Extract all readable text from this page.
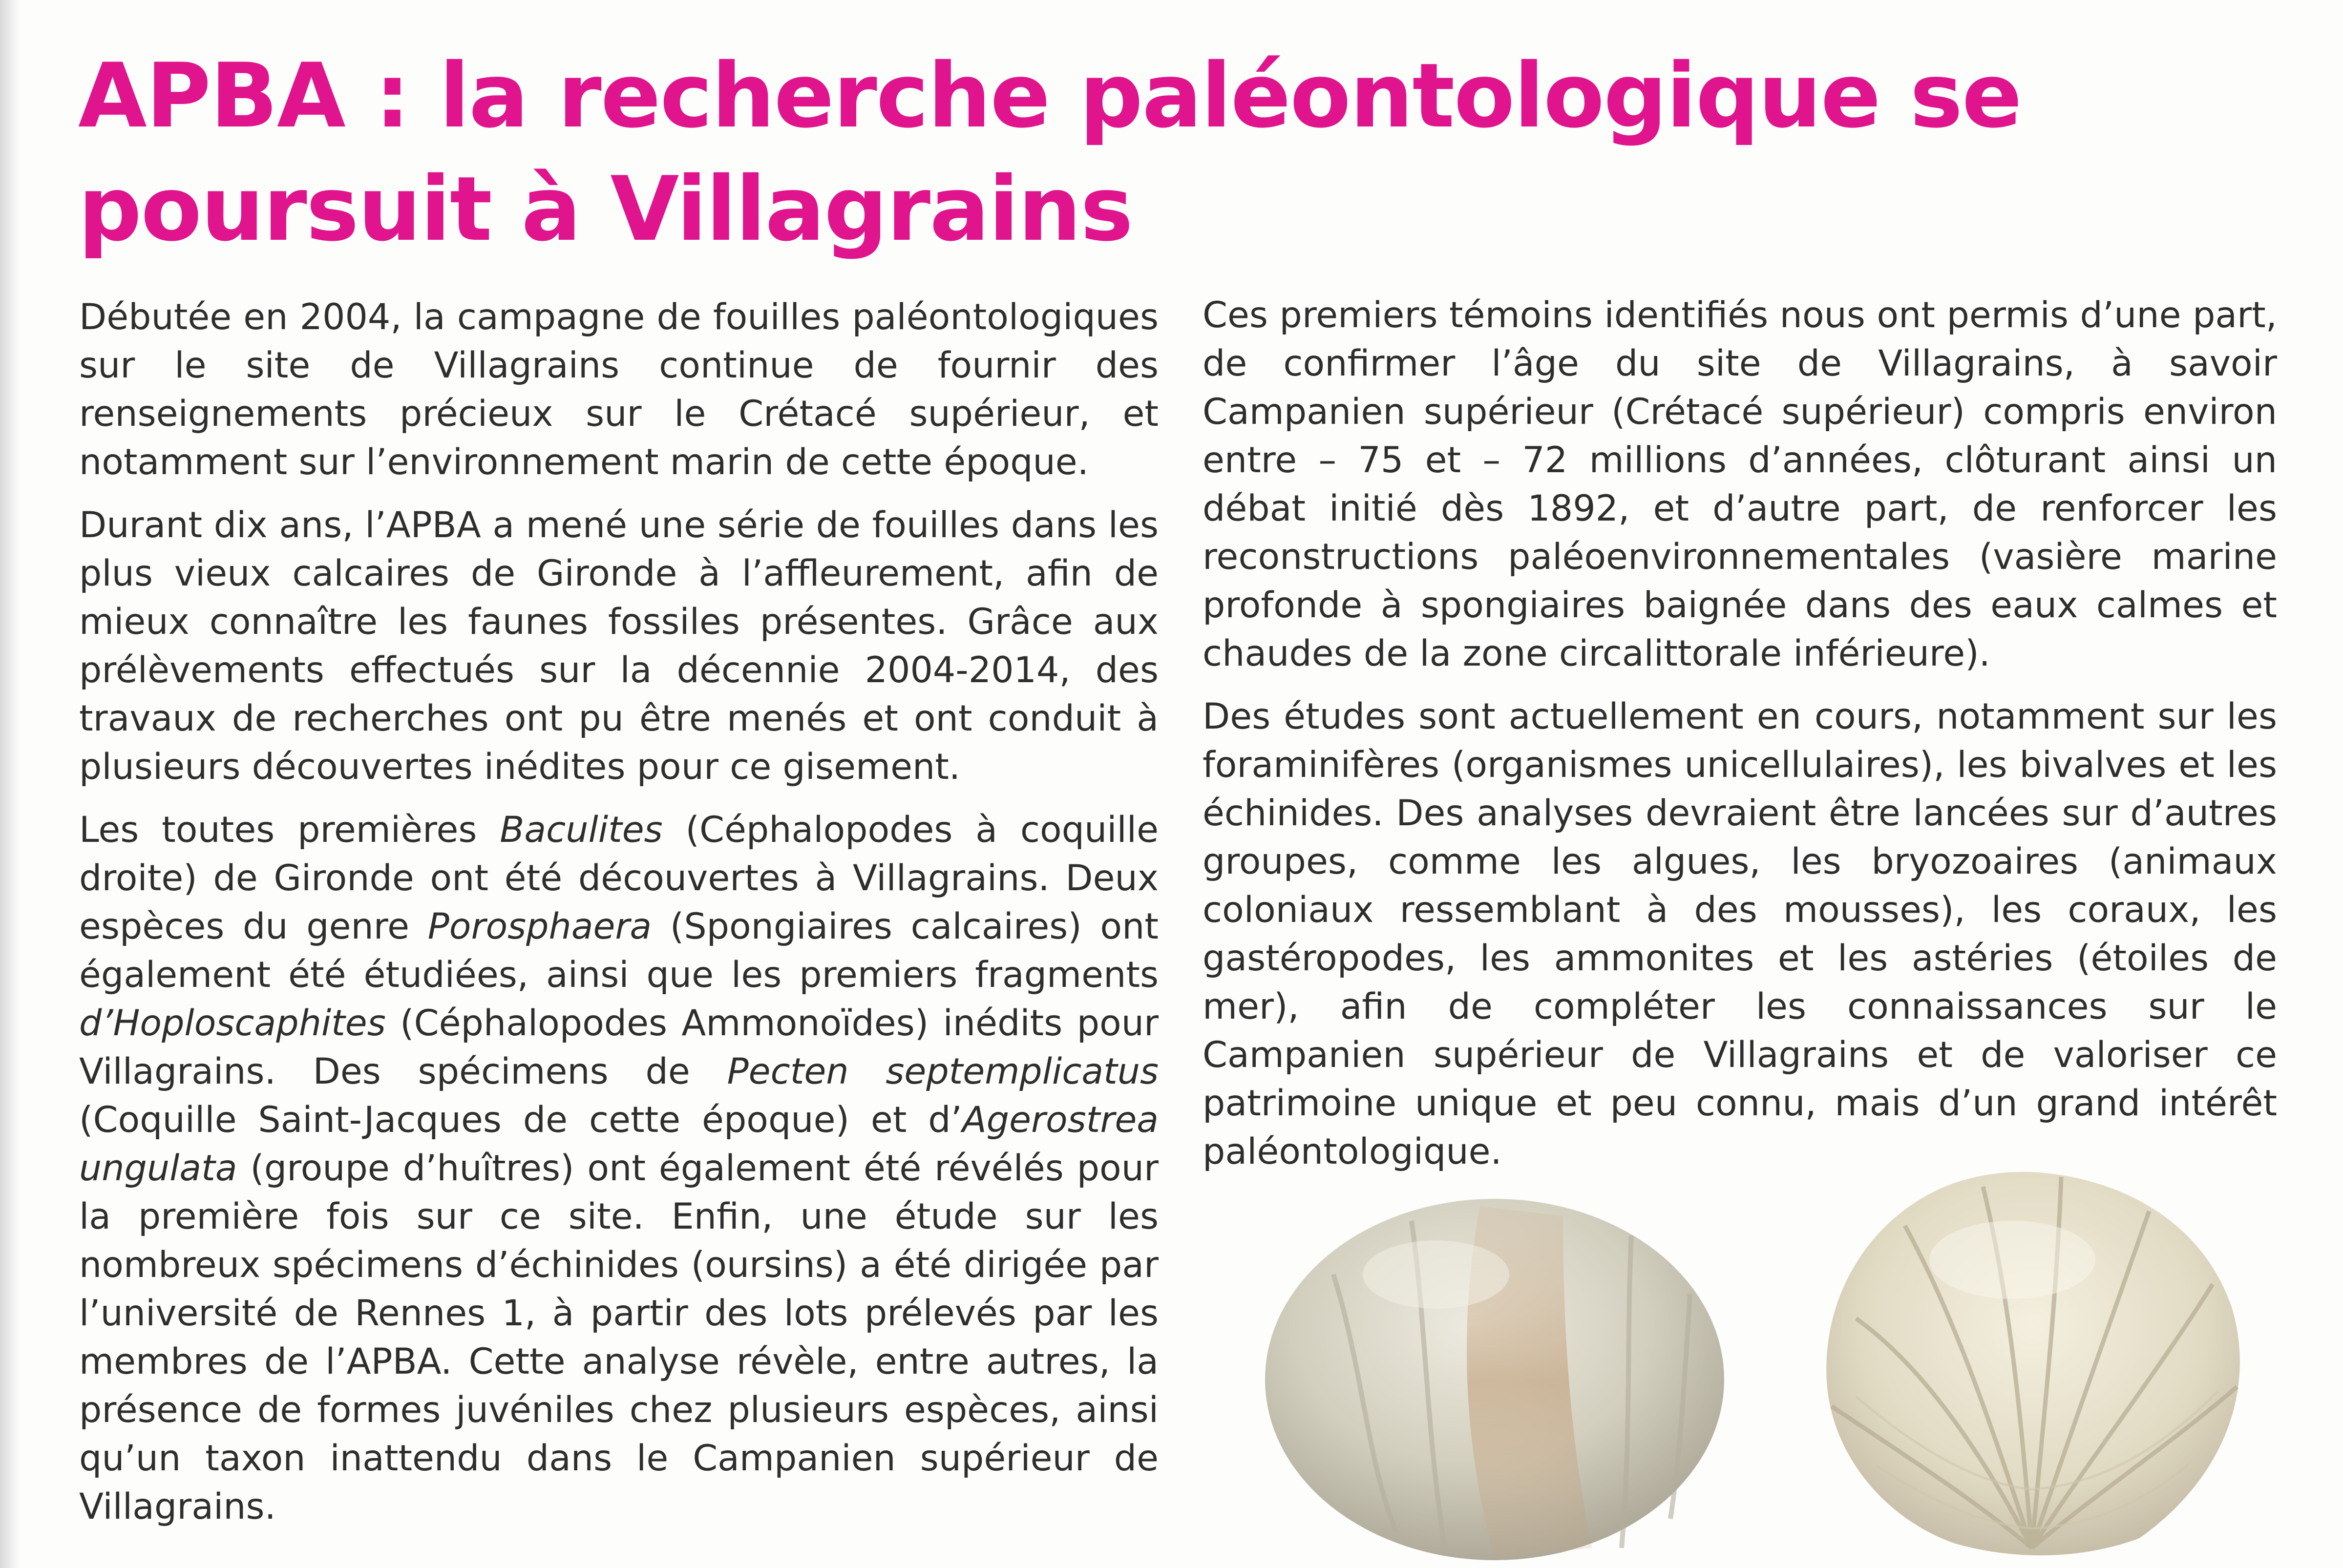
APBA : la recherche paléontologique se poursuit à Villagrains

Débutée en 2004, la campagne de fouilles paléontologiques sur le site de Villagrains continue de fournir des renseignements précieux sur le Crétacé supérieur, et notamment sur l’environnement marin de cette époque.

Durant dix ans, l’APBA a mené une série de fouilles dans les plus vieux calcaires de Gironde à l’affleurement, afin de mieux connaître les faunes fossiles présentes. Grâce aux prélèvements effectués sur la décennie 2004-2014, des travaux de recherches ont pu être menés et ont conduit à plusieurs découvertes inédites pour ce gisement.

Les toutes premières Baculites (Céphalopodes à coquille droite) de Gironde ont été découvertes à Villagrains. Deux espèces du genre Porosphaera (Spongiaires calcaires) ont également été étudiées, ainsi que les premiers fragments d’Hoploscaphites (Céphalopodes Ammonoïdes) inédits pour Villagrains. Des spécimens de Pecten septemplicatus (Coquille Saint-Jacques de cette époque) et d’Agerostrea ungulata (groupe d’huîtres) ont également été révélés pour la première fois sur ce site. Enfin, une étude sur les nombreux spécimens d’échinides (oursins) a été dirigée par l’université de Rennes 1, à partir des lots prélevés par les membres de l’APBA. Cette analyse révèle, entre autres, la présence de formes juvéniles chez plusieurs espèces, ainsi qu’un taxon inattendu dans le Campanien supérieur de Villagrains.

Ces premiers témoins identifiés nous ont permis d’une part, de confirmer l’âge du site de Villagrains, à savoir Campanien supérieur (Crétacé supérieur) compris environ entre – 75 et – 72 millions d’années, clôturant ainsi un débat initié dès 1892, et d’autre part, de renforcer les reconstructions paléoenvironnementales (vasière marine profonde à spongiaires baignée dans des eaux calmes et chaudes de la zone circalittorale inférieure).

Des études sont actuellement en cours, notamment sur les foraminifères (organismes unicellulaires), les bivalves et les échinides. Des analyses devraient être lancées sur d’autres groupes, comme les algues, les bryozoaires (animaux coloniaux ressemblant à des mousses), les coraux, les gastéropodes, les ammonites et les astéries (étoiles de mer), afin de compléter les connaissances sur le Campanien supérieur de Villagrains et de valoriser ce patrimoine unique et peu connu, mais d’un grand intérêt paléontologique.
